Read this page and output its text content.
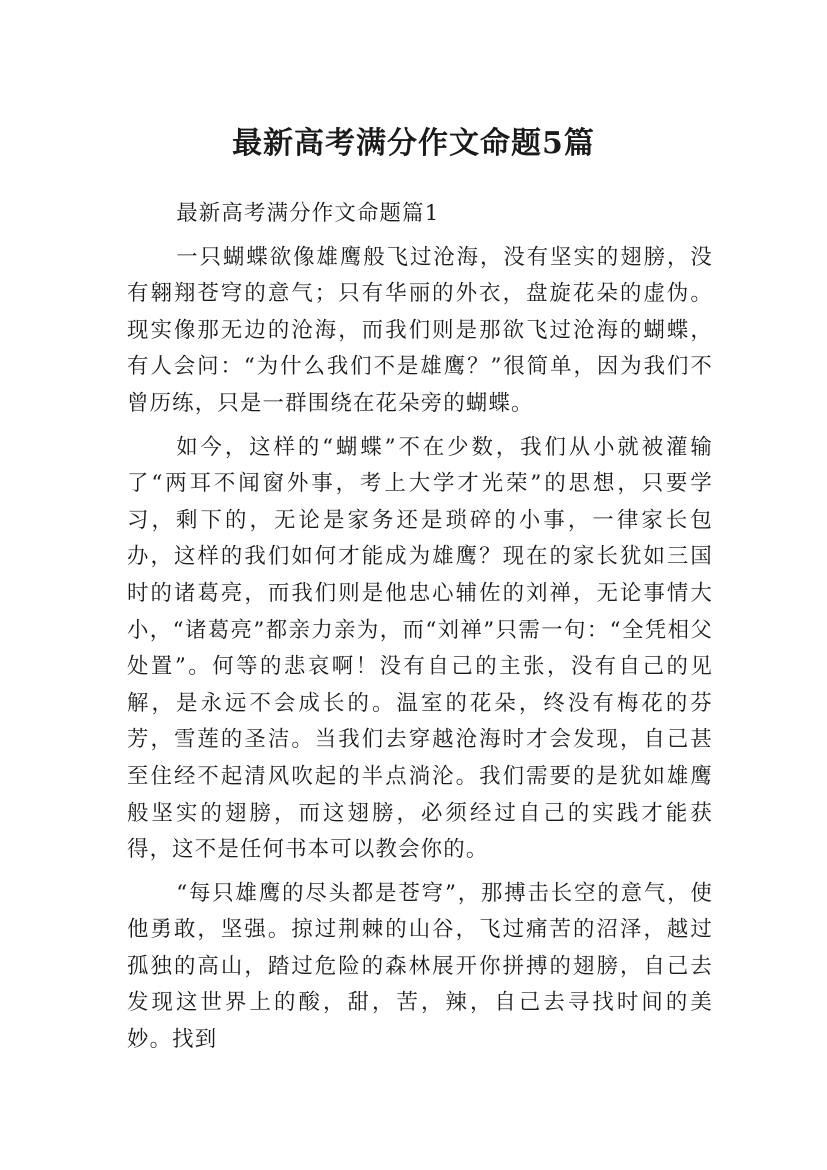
最新高考满分作文命题5篇

最新高考满分作文命题篇1

一只蝴蝶欲像雄鹰般飞过沧海，没有坚实的翅膀，没有翱翔苍穹的意气；只有华丽的外衣，盘旋花朵的虚伪。现实像那无边的沧海，而我们则是那欲飞过沧海的蝴蝶，有人会问：“为什么我们不是雄鹰？”很简单，因为我们不曾历练，只是一群围绕在花朵旁的蝴蝶。

如今，这样的“蝴蝶”不在少数，我们从小就被灌输了“两耳不闻窗外事，考上大学才光荣”的思想，只要学习，剩下的，无论是家务还是琐碎的小事，一律家长包办，这样的我们如何才能成为雄鹰？现在的家长犹如三国时的诸葛亮，而我们则是他忠心辅佐的刘禅，无论事情大小，“诸葛亮”都亲力亲为，而“刘禅”只需一句：“全凭相父处置”。何等的悲哀啊！没有自己的主张，没有自己的见解，是永远不会成长的。温室的花朵，终没有梅花的芬芳，雪莲的圣洁。当我们去穿越沧海时才会发现，自己甚至住经不起清风吹起的半点淌沦。我们需要的是犹如雄鹰般坚实的翅膀，而这翅膀，必须经过自己的实践才能获得，这不是任何书本可以教会你的。

“每只雄鹰的尽头都是苍穹”，那搏击长空的意气，使他勇敢，坚强。掠过荆棘的山谷，飞过痛苦的沼泽，越过孤独的高山，踏过危险的森林展开你拼搏的翅膀，自己去发现这世界上的酸，甜，苦，辣，自己去寻找时间的美妙。找到
